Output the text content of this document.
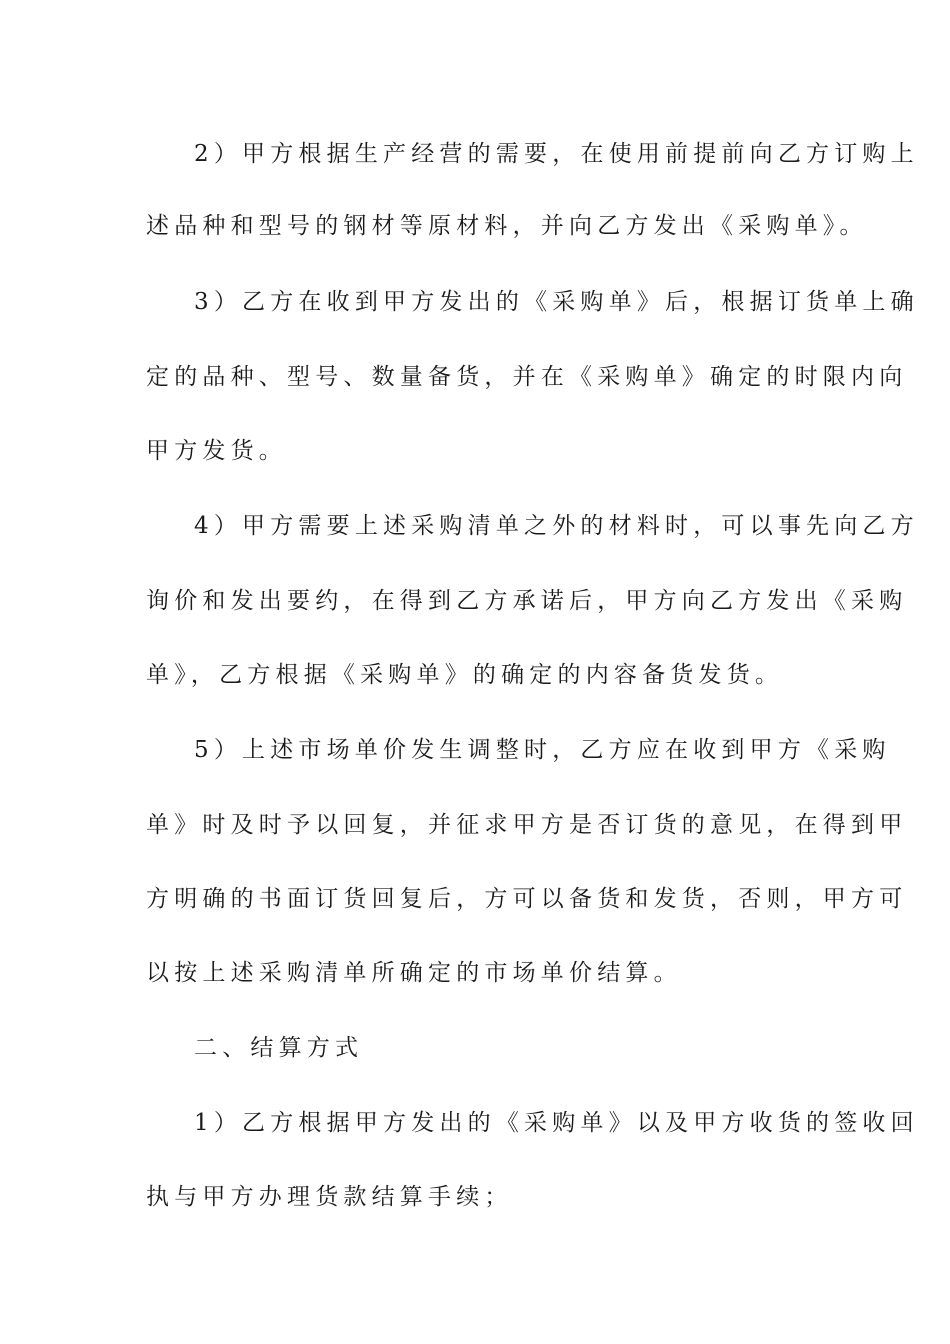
2）甲方根据生产经营的需要，在使用前提前向乙方订购上

述品种和型号的钢材等原材料，并向乙方发出《采购单》。

3）乙方在收到甲方发出的《采购单》后，根据订货单上确

定的品种、型号、数量备货，并在《采购单》确定的时限内向

甲方发货。

4）甲方需要上述采购清单之外的材料时，可以事先向乙方

询价和发出要约，在得到乙方承诺后，甲方向乙方发出《采购

单》，乙方根据《采购单》的确定的内容备货发货。

5）上述市场单价发生调整时，乙方应在收到甲方《采购

单》时及时予以回复，并征求甲方是否订货的意见，在得到甲

方明确的书面订货回复后，方可以备货和发货，否则，甲方可

以按上述采购清单所确定的市场单价结算。

二、结算方式

1）乙方根据甲方发出的《采购单》以及甲方收货的签收回

执与甲方办理货款结算手续；
